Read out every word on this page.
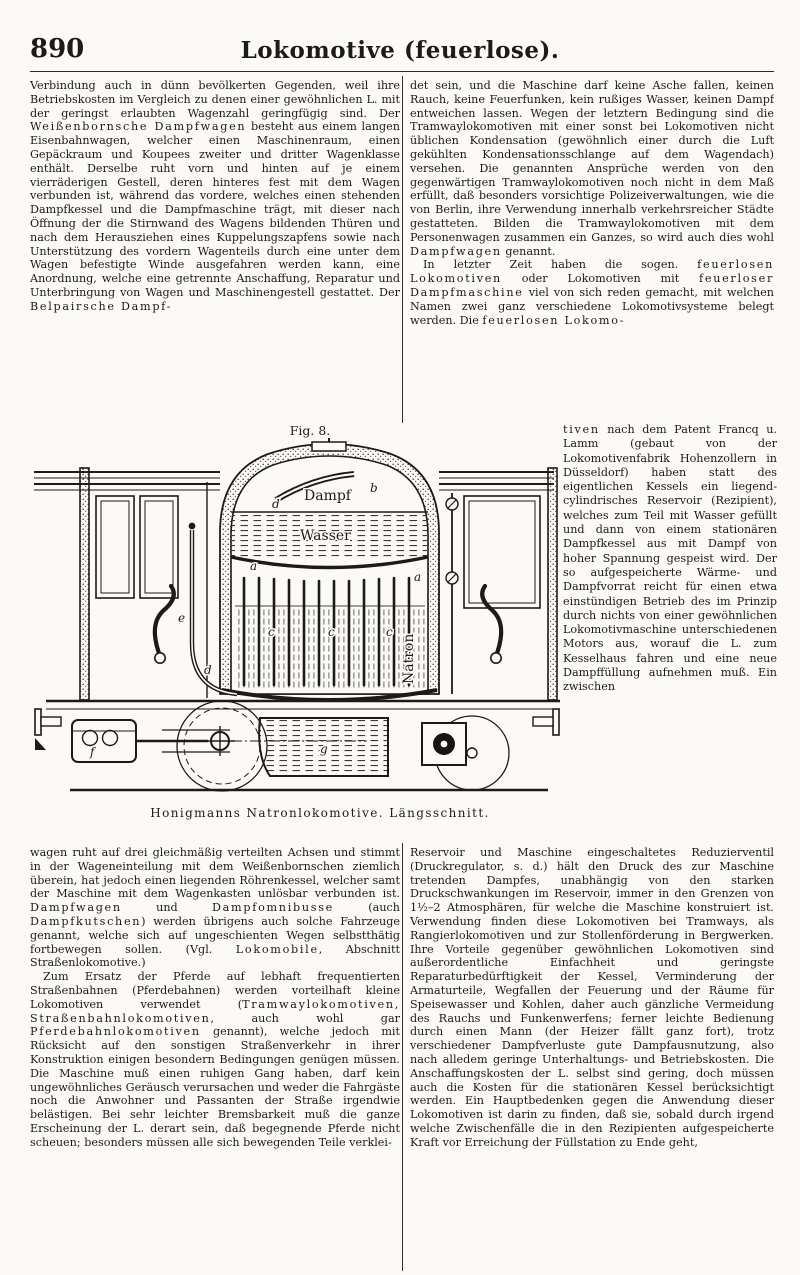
890	Lokomotive (feuerlose).

Verbindung auch in dünn bevölkerten Gegenden, weil ihre Betriebskosten im Vergleich zu denen einer gewöhnlichen L. mit der geringst erlaubten Wagenzahl geringfügig sind. Der Weißenbornsche Dampfwagen besteht aus einem langen Eisenbahnwagen, welcher einen Maschinenraum, einen Gepäckraum und Koupees zweiter und dritter Wagenklasse enthält. Derselbe ruht vorn und hinten auf je einem vierräderigen Gestell, deren hinteres fest mit dem Wagen verbunden ist, während das vordere, welches einen stehenden Dampfkessel und die Dampfmaschine trägt, mit dieser nach Öffnung der die Stirnwand des Wagens bildenden Thüren und nach dem Herausziehen eines Kuppelungszapfens sowie nach Unterstützung des vordern Wagenteils durch eine unter dem Wagen befestigte Winde ausgefahren werden kann, eine Anordnung, welche eine getrennte Anschaffung, Reparatur und Unterbringung von Wagen und Maschinengestell gestattet. Der Belpairsche Dampf-

det sein, und die Maschine darf keine Asche fallen, keinen Rauch, keine Feuerfunken, kein rußiges Wasser, keinen Dampf entweichen lassen. Wegen der letztern Bedingung sind die Tramwaylokomotiven mit einer sonst bei Lokomotiven nicht üblichen Kondensation (gewöhnlich einer durch die Luft gekühlten Kondensationsschlange auf dem Wagendach) versehen. Die genannten Ansprüche werden von den gegenwärtigen Tramwaylokomotiven noch nicht in dem Maß erfüllt, daß besonders vorsichtige Polizeiverwaltungen, wie die von Berlin, ihre Verwendung innerhalb verkehrsreicher Städte gestatteten. Bilden die Tramwaylokomotiven mit dem Personenwagen zusammen ein Ganzes, so wird auch dies wohl Dampfwagen genannt.

In letzter Zeit haben die sogen. feuerlosen Lokomotiven oder Lokomotiven mit feuerloser Dampfmaschine viel von sich reden gemacht, mit welchen Namen zwei ganz verschiedene Lokomotivsysteme belegt werden. Die feuerlosen Lokomo-

tiven nach dem Patent Francq u. Lamm (gebaut von der Lokomotivenfabrik Hohenzollern in Düsseldorf) haben statt des eigentlichen Kessels ein liegend-cylindrisches Reservoir (Rezipient), welches zum Teil mit Wasser gefüllt und dann von einem stationären Dampfkessel aus mit Dampf von hoher Spannung gespeist wird. Der so aufgespeicherte Wärme- und Dampfvorrat reicht für einen etwa einstündigen Betrieb des im Prinzip durch nichts von einer gewöhnlichen Lokomotivmaschine unterschiedenen Motors aus, worauf die L. zum Kesselhaus fahren und eine neue Dampffüllung aufnehmen muß. Ein zwischen

wagen ruht auf drei gleichmäßig verteilten Achsen und stimmt in der Wageneinteilung mit dem Weißenbornschen ziemlich überein, hat jedoch einen liegenden Röhrenkessel, welcher samt der Maschine mit dem Wagenkasten unlösbar verbunden ist. Dampfwagen und Dampfomnibusse (auch Dampfkutschen) werden übrigens auch solche Fahrzeuge genannt, welche sich auf ungeschienten Wegen selbstthätig fortbewegen sollen. (Vgl. Lokomobile, Abschnitt Straßenlokomotive.)

Zum Ersatz der Pferde auf lebhaft frequentierten Straßenbahnen (Pferdebahnen) werden vorteilhaft kleine Lokomotiven verwendet (Tramwaylokomotiven, Straßenbahnlokomotiven, auch wohl gar Pferdebahnlokomotiven genannt), welche jedoch mit Rücksicht auf den sonstigen Straßenverkehr in ihrer Konstruktion einigen besondern Bedingungen genügen müssen. Die Maschine muß einen ruhigen Gang haben, darf kein ungewöhnliches Geräusch verursachen und weder die Fahrgäste noch die Anwohner und Passanten der Straße irgendwie belästigen. Bei sehr leichter Bremsbarkeit muß die ganze Erscheinung der L. derart sein, daß begegnende Pferde nicht scheuen; besonders müssen alle sich bewegenden Teile verklei-

Reservoir und Maschine eingeschaltetes Reduzierventil (Druckregulator, s. d.) hält den Druck des zur Maschine tretenden Dampfes, unabhängig von den starken Druckschwankungen im Reservoir, immer in den Grenzen von 1½–2 Atmosphären, für welche die Maschine konstruiert ist. Verwendung finden diese Lokomotiven bei Tramways, als Rangierlokomotiven und zur Stollenförderung in Bergwerken. Ihre Vorteile gegenüber gewöhnlichen Lokomotiven sind außerordentliche Einfachheit und geringste Reparaturbedürftigkeit der Kessel, Verminderung der Armaturteile, Wegfallen der Feuerung und der Räume für Speisewasser und Kohlen, daher auch gänzliche Vermeidung des Rauchs und Funkenwerfens; ferner leichte Bedienung durch einen Mann (der Heizer fällt ganz fort), trotz verschiedener Dampfverluste gute Dampfausnutzung, also nach alledem geringe Unterhaltungs- und Betriebskosten. Die Anschaffungskosten der L. selbst sind gering, doch müssen auch die Kosten für die stationären Kessel berücksichtigt werden. Ein Hauptbedenken gegen die Anwendung dieser Lokomotiven ist darin zu finden, daß sie, sobald durch irgend welche Zwischenfälle die in den Rezipienten aufgespeicherte Kraft vor Erreichung der Füllstation zu Ende geht,

Fig. 8.
Dampf b
d
Wasser
a
a
c	c	c
Natron
e
d
f	g
Honigmanns Natronlokomotive. Längsschnitt.
